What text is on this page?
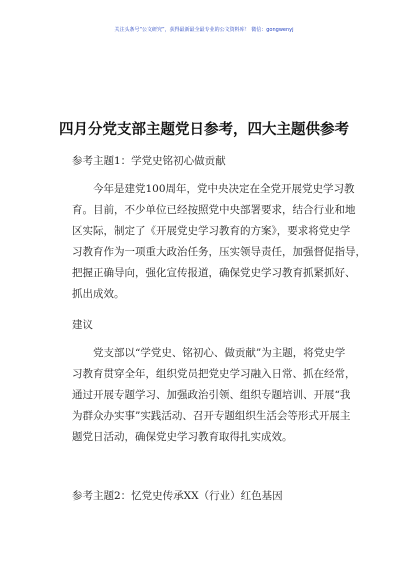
关注头条号“公文研究”，获得最新最全最专业的公文资料库！ 微信：gongwenyj
四月分党支部主题党日参考，四大主题供参考
参考主题1：学党史铭初心做贡献
今年是建党100周年，党中央决定在全党开展党史学习教
育。目前，不少单位已经按照党中央部署要求，结合行业和地
区实际，制定了《开展党史学习教育的方案》，要求将党史学
习教育作为一项重大政治任务，压实领导责任，加强督促指导，
把握正确导向，强化宣传报道，确保党史学习教育抓紧抓好、
抓出成效。
建议
党支部以“学党史、铭初心、做贡献”为主题，将党史学
习教育贯穿全年，组织党员把党史学习融入日常、抓在经常，
通过开展专题学习、加强政治引领、组织专题培训、开展“我
为群众办实事”实践活动、召开专题组织生活会等形式开展主
题党日活动，确保党史学习教育取得扎实成效。
参考主题2：忆党史传承XX（行业）红色基因
